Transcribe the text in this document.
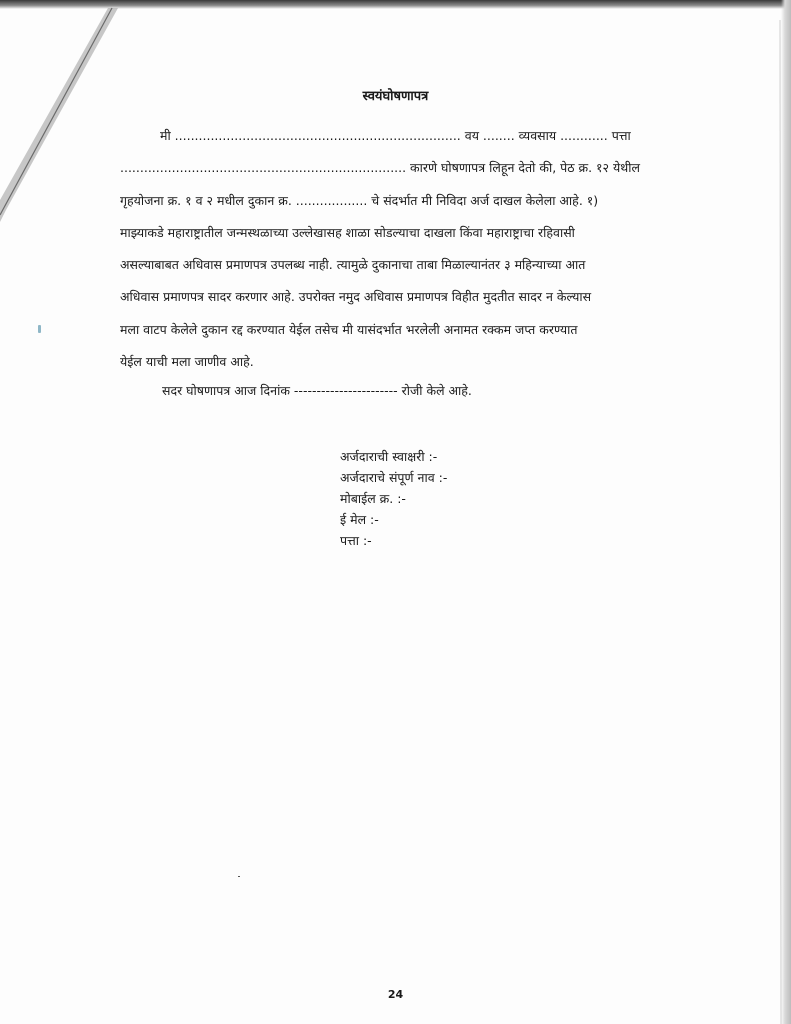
स्वयंघोषणापत्र
मी ........................................................................ वय ........ व्यवसाय ............ पत्ता
........................................................................ कारणे घोषणापत्र लिहून देतो की, पेठ क्र. १२ येथील
गृहयोजना क्र. १ व २ मधील दुकान क्र. .................. चे संदर्भात मी निविदा अर्ज दाखल केलेला आहे. १)
माझ्याकडे महाराष्ट्रातील जन्मस्थळाच्या उल्लेखासह शाळा सोडल्याचा दाखला किंवा महाराष्ट्राचा रहिवासी
असल्याबाबत अधिवास प्रमाणपत्र उपलब्ध नाही. त्यामुळे दुकानाचा ताबा मिळाल्यानंतर ३ महिन्याच्या आत
अधिवास प्रमाणपत्र सादर करणार आहे. उपरोक्त नमुद अधिवास प्रमाणपत्र विहीत मुदतीत सादर न केल्यास
मला वाटप केलेले दुकान रद्द करण्यात येईल तसेच मी यासंदर्भात भरलेली अनामत रक्कम जप्त करण्यात
येईल याची मला जाणीव आहे.
सदर घोषणापत्र आज दिनांक ----------------------- रोजी केले आहे.
अर्जदाराची स्वाक्षरी :-
अर्जदाराचे संपूर्ण नाव :-
मोबाईल क्र. :-
ई मेल :-
पत्ता :-
24
